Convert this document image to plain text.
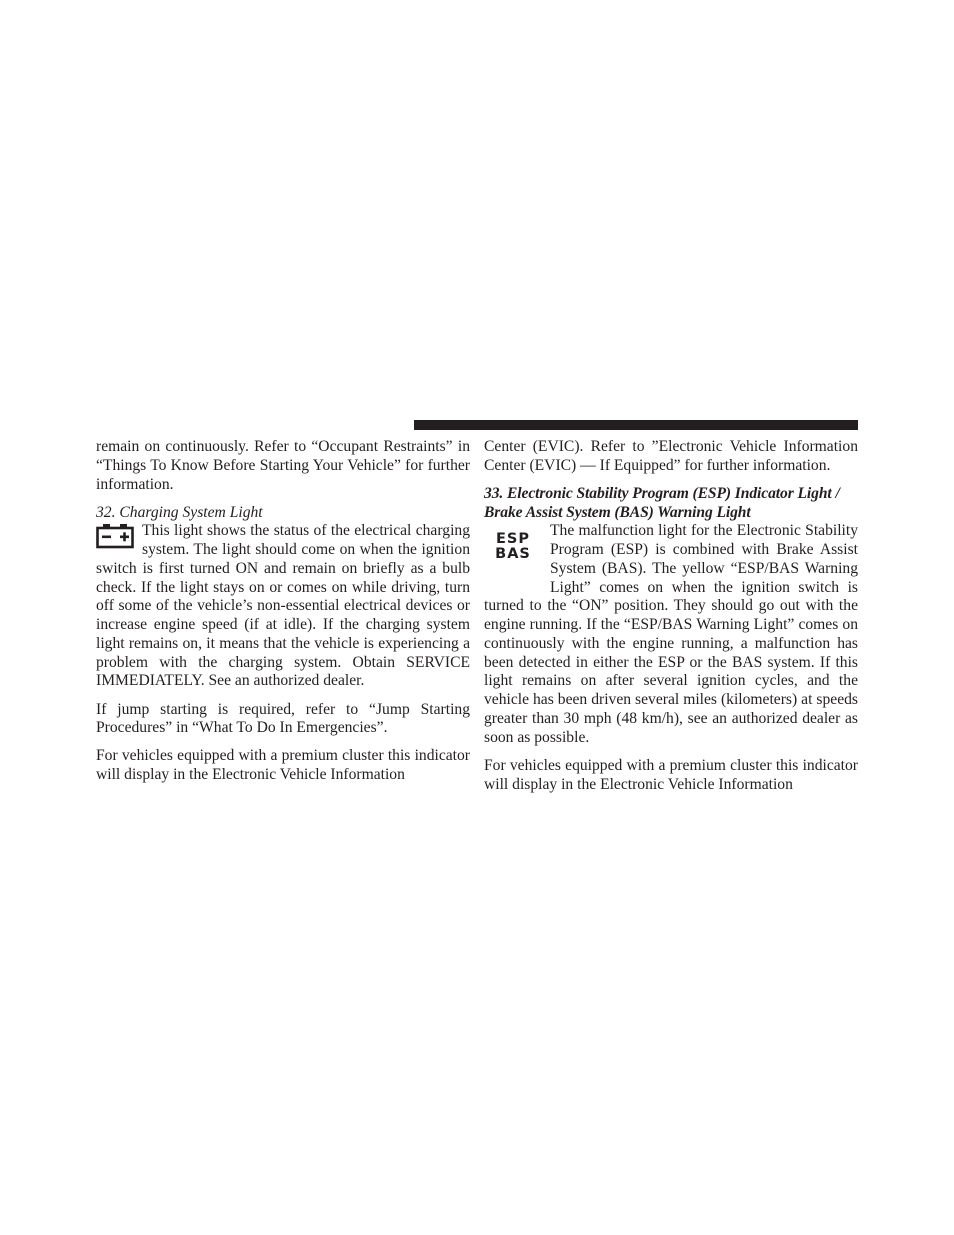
remain on continuously. Refer to “Occupant Restraints” in “Things To Know Before Starting Your Vehicle” for further information.

32. Charging System Light

This light shows the status of the electrical charging system. The light should come on when the ignition switch is first turned ON and remain on briefly as a bulb check. If the light stays on or comes on while driving, turn off some of the vehicle’s non-essential electrical devices or increase engine speed (if at idle). If the charging system light remains on, it means that the vehicle is experiencing a problem with the charging system. Obtain SERVICE IMMEDIATELY. See an authorized dealer.

If jump starting is required, refer to “Jump Starting Procedures” in “What To Do In Emergencies”.

For vehicles equipped with a premium cluster this indicator will display in the Electronic Vehicle Information

Center (EVIC). Refer to ”Electronic Vehicle Information Center (EVIC) — If Equipped” for further information.

33. Electronic Stability Program (ESP) Indicator Light / Brake Assist System (BAS) Warning Light

ESP
BAS
The malfunction light for the Electronic Stability Program (ESP) is combined with Brake Assist System (BAS). The yellow “ESP/BAS Warning Light” comes on when the ignition switch is turned to the “ON” position. They should go out with the engine running. If the “ESP/BAS Warning Light” comes on continuously with the engine running, a malfunction has been detected in either the ESP or the BAS system. If this light remains on after several ignition cycles, and the vehicle has been driven several miles (kilometers) at speeds greater than 30 mph (48 km/h), see an authorized dealer as soon as possible.

For vehicles equipped with a premium cluster this indicator will display in the Electronic Vehicle Information
